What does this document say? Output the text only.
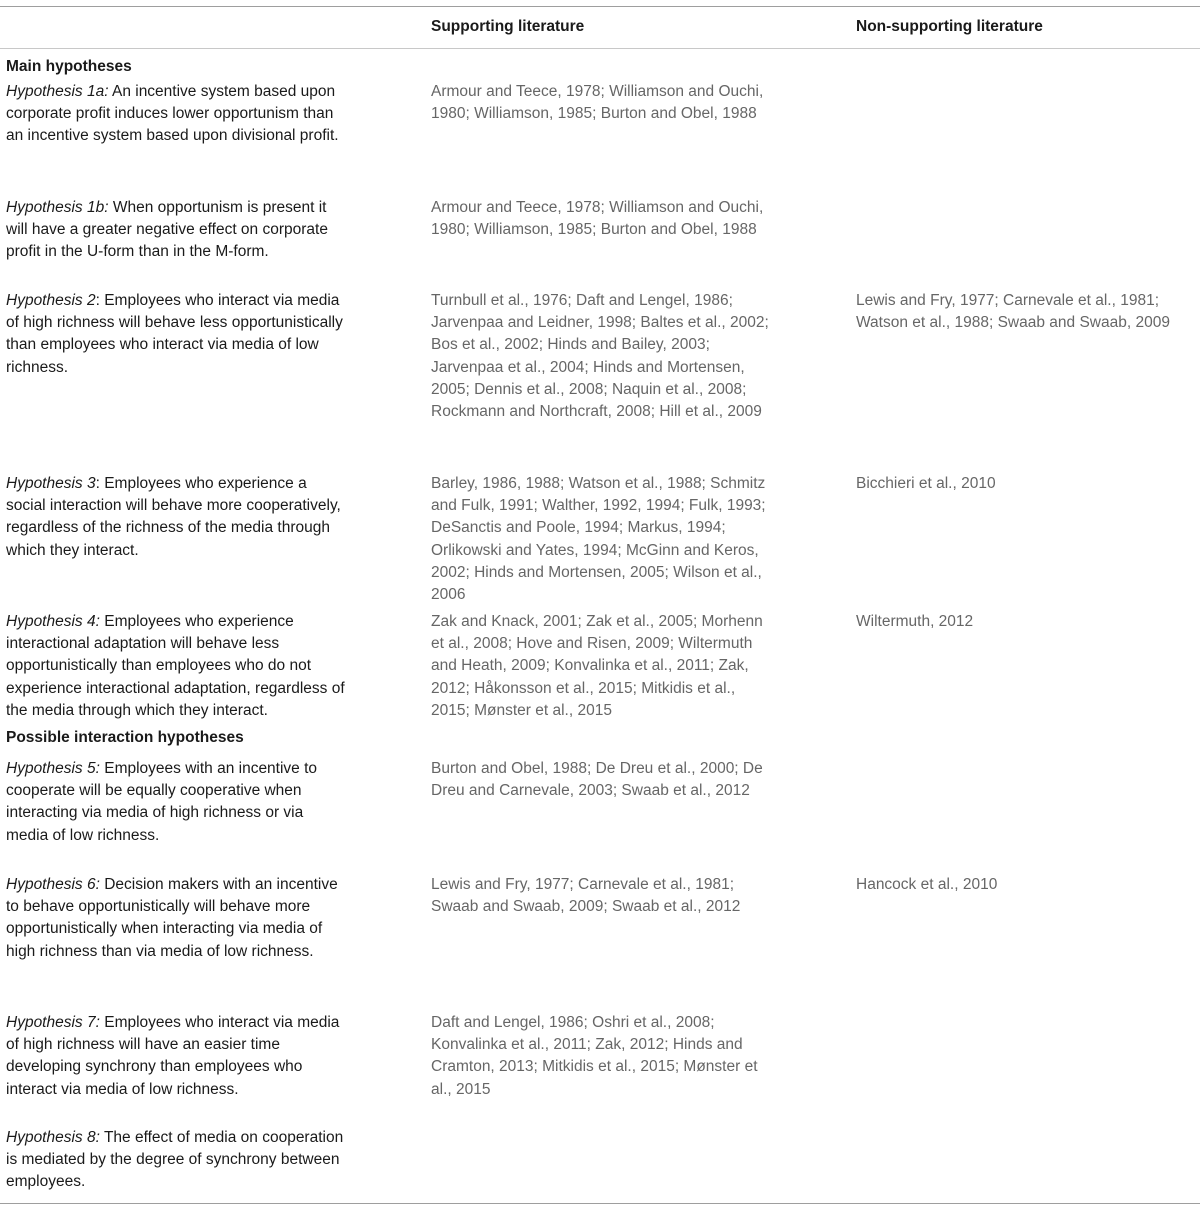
Supporting literature	Non-supporting literature
Main hypotheses
Hypothesis 1a: An incentive system based upon corporate profit induces lower opportunism than an incentive system based upon divisional profit.
Armour and Teece, 1978; Williamson and Ouchi, 1980; Williamson, 1985; Burton and Obel, 1988
Hypothesis 1b: When opportunism is present it will have a greater negative effect on corporate profit in the U-form than in the M-form.
Armour and Teece, 1978; Williamson and Ouchi, 1980; Williamson, 1985; Burton and Obel, 1988
Hypothesis 2: Employees who interact via media of high richness will behave less opportunistically than employees who interact via media of low richness.
Turnbull et al., 1976; Daft and Lengel, 1986; Jarvenpaa and Leidner, 1998; Baltes et al., 2002; Bos et al., 2002; Hinds and Bailey, 2003; Jarvenpaa et al., 2004; Hinds and Mortensen, 2005; Dennis et al., 2008; Naquin et al., 2008; Rockmann and Northcraft, 2008; Hill et al., 2009
Lewis and Fry, 1977; Carnevale et al., 1981; Watson et al., 1988; Swaab and Swaab, 2009
Hypothesis 3: Employees who experience a social interaction will behave more cooperatively, regardless of the richness of the media through which they interact.
Barley, 1986, 1988; Watson et al., 1988; Schmitz and Fulk, 1991; Walther, 1992, 1994; Fulk, 1993; DeSanctis and Poole, 1994; Markus, 1994; Orlikowski and Yates, 1994; McGinn and Keros, 2002; Hinds and Mortensen, 2005; Wilson et al., 2006
Bicchieri et al., 2010
Hypothesis 4: Employees who experience interactional adaptation will behave less opportunistically than employees who do not experience interactional adaptation, regardless of the media through which they interact.
Zak and Knack, 2001; Zak et al., 2005; Morhenn et al., 2008; Hove and Risen, 2009; Wiltermuth and Heath, 2009; Konvalinka et al., 2011; Zak, 2012; Håkonsson et al., 2015; Mitkidis et al., 2015; Mønster et al., 2015
Wiltermuth, 2012
Possible interaction hypotheses
Hypothesis 5: Employees with an incentive to cooperate will be equally cooperative when interacting via media of high richness or via media of low richness.
Burton and Obel, 1988; De Dreu et al., 2000; De Dreu and Carnevale, 2003; Swaab et al., 2012
Hypothesis 6: Decision makers with an incentive to behave opportunistically will behave more opportunistically when interacting via media of high richness than via media of low richness.
Lewis and Fry, 1977; Carnevale et al., 1981; Swaab and Swaab, 2009; Swaab et al., 2012
Hancock et al., 2010
Hypothesis 7: Employees who interact via media of high richness will have an easier time developing synchrony than employees who interact via media of low richness.
Daft and Lengel, 1986; Oshri et al., 2008; Konvalinka et al., 2011; Zak, 2012; Hinds and Cramton, 2013; Mitkidis et al., 2015; Mønster et al., 2015
Hypothesis 8: The effect of media on cooperation is mediated by the degree of synchrony between employees.
